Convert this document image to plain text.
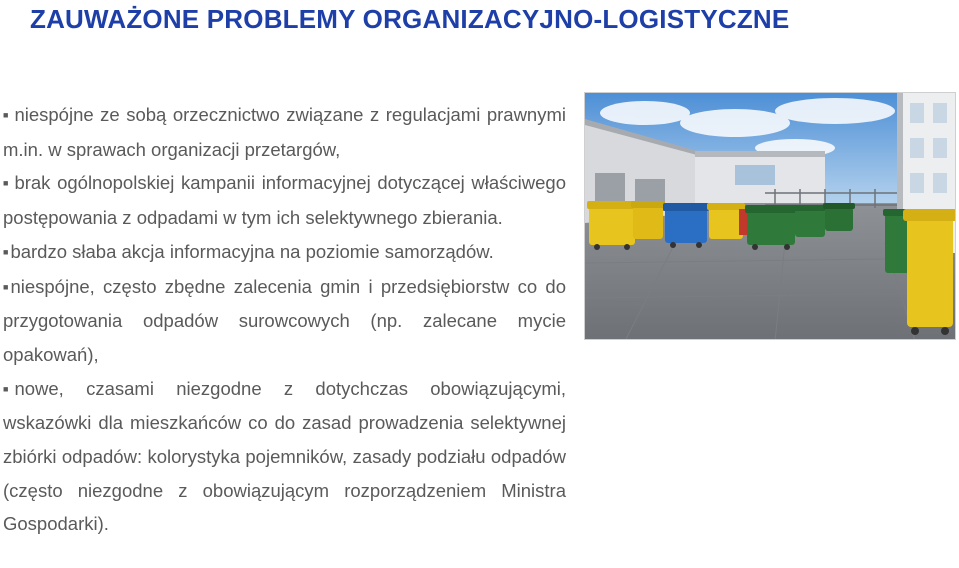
ZAUWAŻONE PROBLEMY ORGANIZACYJNO-LOGISTYCZNE
■ niespójne ze sobą orzecznictwo związane z regulacjami prawnymi m.in. w sprawach organizacji przetargów,
■ brak ogólnopolskiej kampanii informacyjnej dotyczącej właściwego postępowania z odpadami w tym ich selektywnego zbierania.
■ bardzo słaba akcja informacyjna na poziomie samorządów.
■ niespójne, często zbędne zalecenia gmin i przedsiębiorstw co do przygotowania odpadów surowcowych (np. zalecane mycie opakowań),
■ nowe, czasami niezgodne z dotychczas obowiązującymi, wskazówki dla mieszkańców co do zasad prowadzenia selektywnej zbiórki odpadów: kolorystyka pojemników, zasady podziału odpadów (często niezgodne z obowiązującym rozporządzeniem Ministra Gospodarki).
